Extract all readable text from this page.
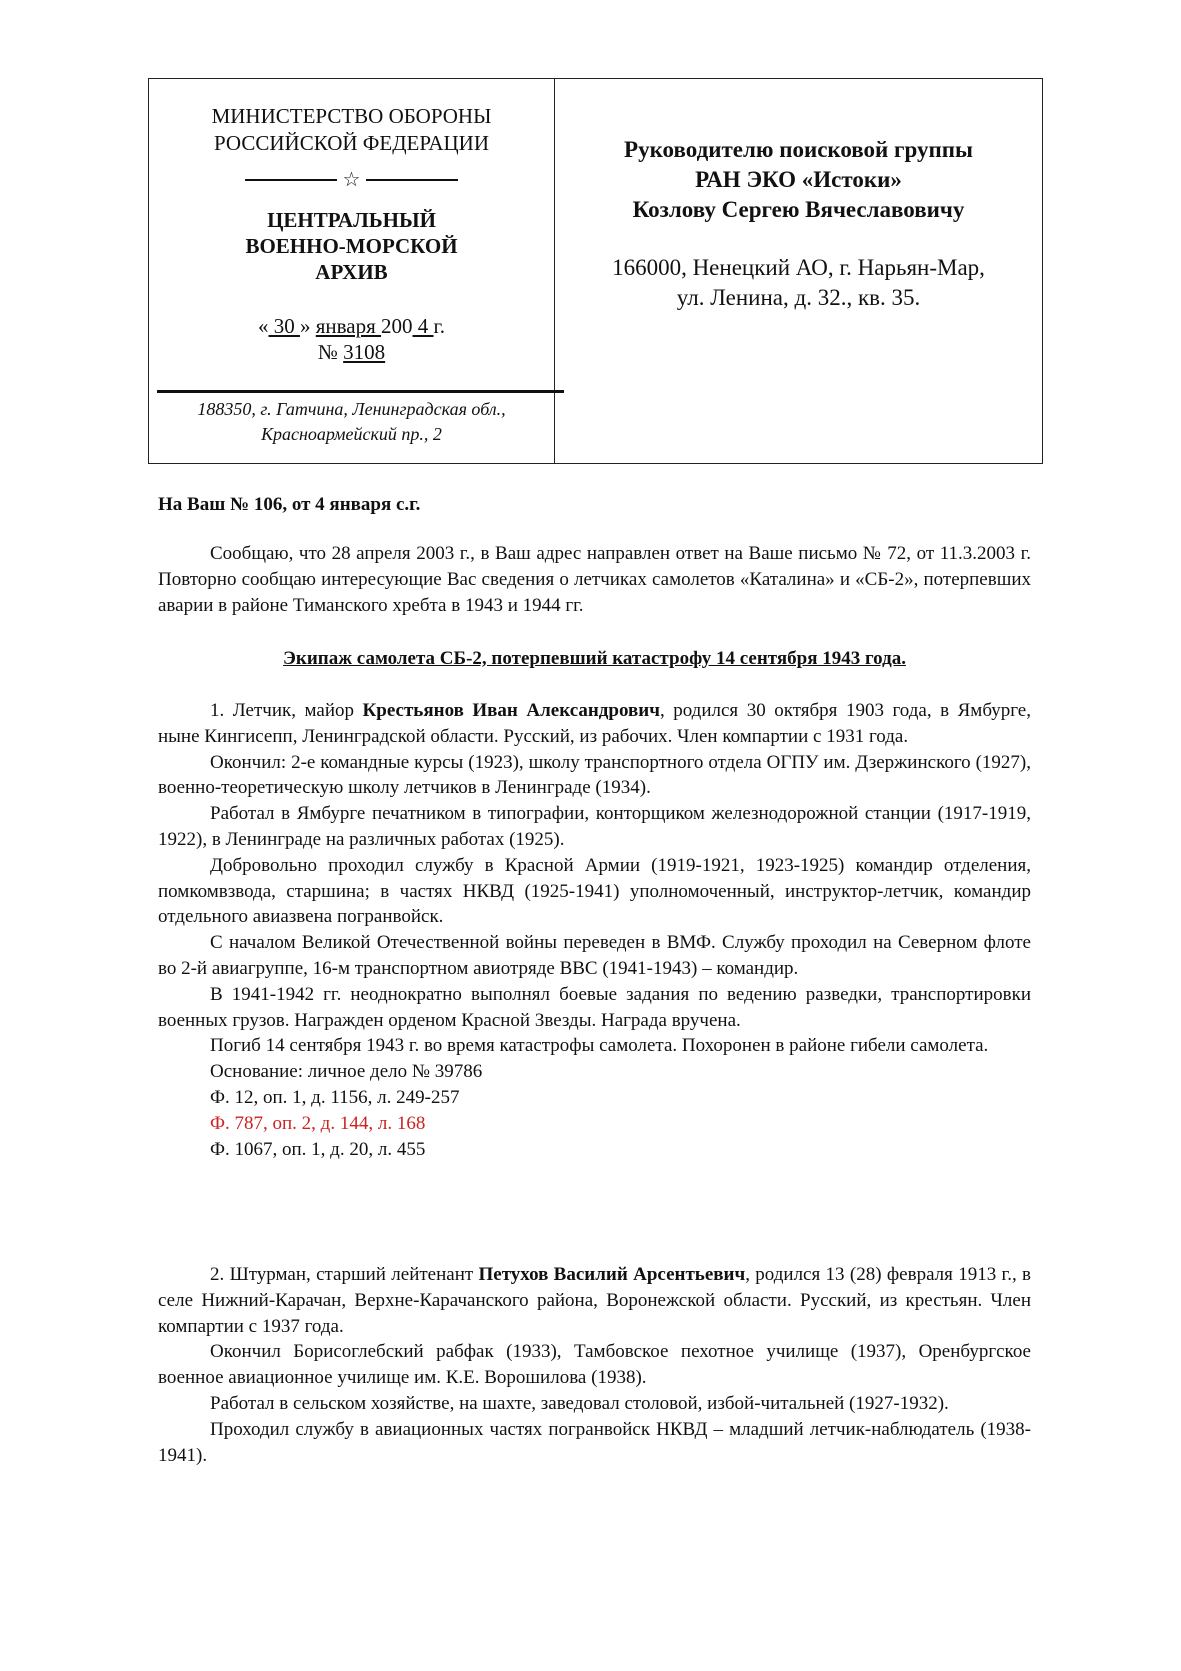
МИНИСТЕРСТВО ОБОРОНЫ
РОССИЙСКОЙ ФЕДЕРАЦИИ
☆
ЦЕНТРАЛЬНЫЙ
ВОЕННО-МОРСКОЙ
АРХИВ
« 30 » января 200 4 г.
№ 3108
188350, г. Гатчина, Ленинградская обл.,
Красноармейский пр., 2
Руководителю поисковой группы
РАН ЭКО «Истоки»
Козлову Сергею Вячеславовичу
166000, Ненецкий АО, г. Нарьян-Мар,
ул. Ленина, д. 32., кв. 35.
На Ваш № 106, от 4 января с.г.

Сообщаю, что 28 апреля 2003 г., в Ваш адрес направлен ответ на Ваше письмо № 72, от 11.3.2003 г. Повторно сообщаю интересующие Вас сведения о летчиках самолетов «Каталина» и «СБ-2», потерпевших аварии в районе Тиманского хребта в 1943 и 1944 гг.

Экипаж самолета СБ-2, потерпевший катастрофу 14 сентября 1943 года.

1. Летчик, майор Крестьянов Иван Александрович, родился 30 октября 1903 года, в Ямбурге, ныне Кингисепп, Ленинградской области. Русский, из рабочих. Член компартии с 1931 года.

Окончил: 2-е командные курсы (1923), школу транспортного отдела ОГПУ им. Дзержинского (1927), военно-теоретическую школу летчиков в Ленинграде (1934).

Работал в Ямбурге печатником в типографии, конторщиком железнодорожной станции (1917-1919, 1922), в Ленинграде на различных работах (1925).

Добровольно проходил службу в Красной Армии (1919-1921, 1923-1925) командир отделения, помкомвзвода, старшина; в частях НКВД (1925-1941) уполномоченный, инструктор-летчик, командир отдельного авиазвена погранвойск.

С началом Великой Отечественной войны переведен в ВМФ. Службу проходил на Северном флоте во 2-й авиагруппе, 16-м транспортном авиотряде ВВС (1941-1943) – командир.

В 1941-1942 гг. неоднократно выполнял боевые задания по ведению разведки, транспортировки военных грузов. Награжден орденом Красной Звезды. Награда вручена.

Погиб 14 сентября 1943 г. во время катастрофы самолета. Похоронен в районе гибели самолета.

Основание: личное дело № 39786
Ф. 12, оп. 1, д. 1156, л. 249-257
Ф. 787, оп. 2, д. 144, л. 168
Ф. 1067, оп. 1, д. 20, л. 455

2. Штурман, старший лейтенант Петухов Василий Арсентьевич, родился 13 (28) февраля 1913 г., в селе Нижний-Карачан, Верхне-Карачанского района, Воронежской области. Русский, из крестьян. Член компартии с 1937 года.

Окончил Борисоглебский рабфак (1933), Тамбовское пехотное училище (1937), Оренбургское военное авиационное училище им. К.Е. Ворошилова (1938).

Работал в сельском хозяйстве, на шахте, заведовал столовой, избой-читальней (1927-1932).

Проходил службу в авиационных частях погранвойск НКВД – младший летчик-наблюдатель (1938-1941).
